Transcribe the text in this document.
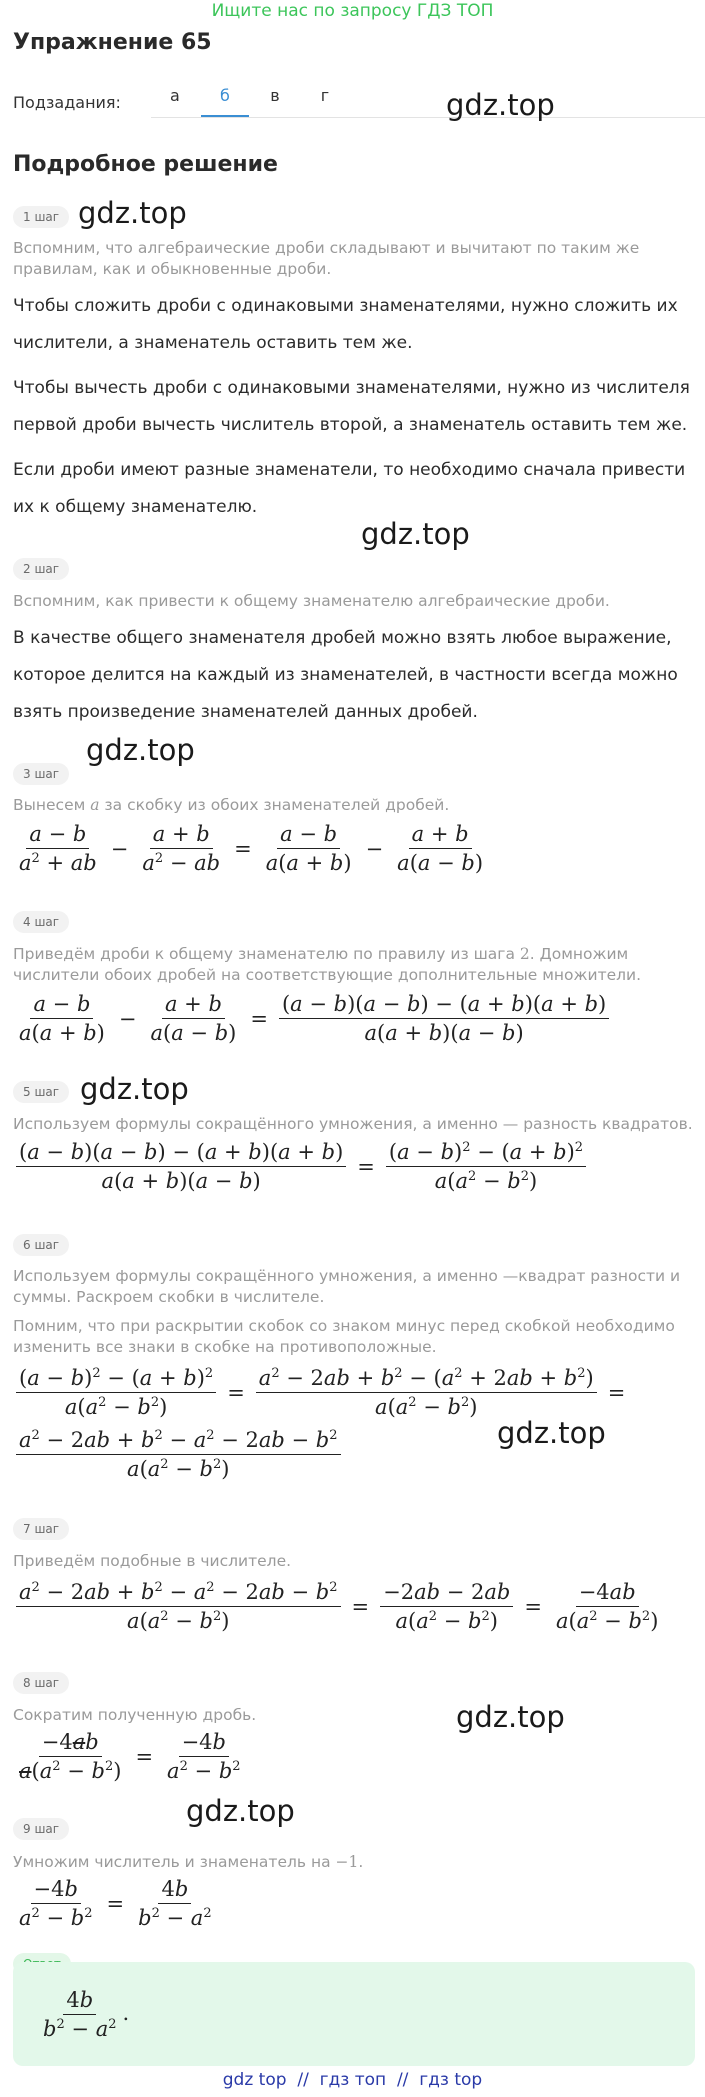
Ищите нас по запросу ГДЗ ТОП
Упражнение 65
Подзадания:	а	б	в	г	gdz.top
Подробное решение
1 шаг gdz.top
Вспомним, что алгебраические дроби складывают и вычитают по таким же правилам, как и обыкновенные дроби.
Чтобы сложить дроби с одинаковыми знаменателями, нужно сложить их числители, а знаменатель оставить тем же.
Чтобы вычесть дроби с одинаковыми знаменателями, нужно из числителя первой дроби вычесть числитель второй, а знаменатель оставить тем же.
Если дроби имеют разные знаменатели, то необходимо сначала привести их к общему знаменателю.
gdz.top
2 шаг
Вспомним, как привести к общему знаменателю алгебраические дроби.
В качестве общего знаменателя дробей можно взять любое выражение, которое делится на каждый из знаменателей, в частности всегда можно взять произведение знаменателей данных дробей.
gdz.top
3 шаг
Вынесем a за скобку из обоих знаменателей дробей.
$\frac{a - b}{a^2 + ab} - \frac{a + b}{a^2 - ab} = \frac{a - b}{a(a + b)} - \frac{a + b}{a(a - b)}$
4 шаг
Приведём дроби к общему знаменателю по правилу из шага 2. Домножим числители обоих дробей на соответствующие дополнительные множители.
$\frac{a - b}{a(a + b)} - \frac{a + b}{a(a - b)} = \frac{(a - b)(a - b) - (a + b)(a + b)}{a(a + b)(a - b)}$
5 шаг gdz.top
Используем формулы сокращённого умножения, а именно — разность квадратов.
$\frac{(a - b)(a - b) - (a + b)(a + b)}{a(a + b)(a - b)} = \frac{(a - b)^2 - (a + b)^2}{a(a^2 - b^2)}$
6 шаг
Используем формулы сокращённого умножения, а именно —квадрат разности и суммы. Раскроем скобки в числителе.
Помним, что при раскрытии скобок со знаком минус перед скобкой необходимо изменить все знаки в скобке на противоположные.
$\frac{(a - b)^2 - (a + b)^2}{a(a^2 - b^2)} = \frac{a^2 - 2ab + b^2 - (a^2 + 2ab + b^2)}{a(a^2 - b^2)}$ =
$\frac{a^2 - 2ab + b^2 - a^2 - 2ab - b^2}{a(a^2 - b^2)}$	gdz.top
7 шаг
Приведём подобные в числителе.
$\frac{a^2 - 2ab + b^2 - a^2 - 2ab - b^2}{a(a^2 - b^2)} = \frac{-2ab - 2ab}{a(a^2 - b^2)} = \frac{-4ab}{a(a^2 - b^2)}$
8 шаг
gdz.top
Сократим полученную дробь.
$\frac{-4ab}{a(a^2 - b^2)} = \frac{-4b}{a^2 - b^2}$
gdz.top
9 шаг
Умножим числитель и знаменатель на −1.
$\frac{-4b}{a^2 - b^2} = \frac{4b}{b^2 - a^2}$
$\frac{4b}{b^2 - a^2}$ .
gdz top  //  гдз топ  //  гдз top
